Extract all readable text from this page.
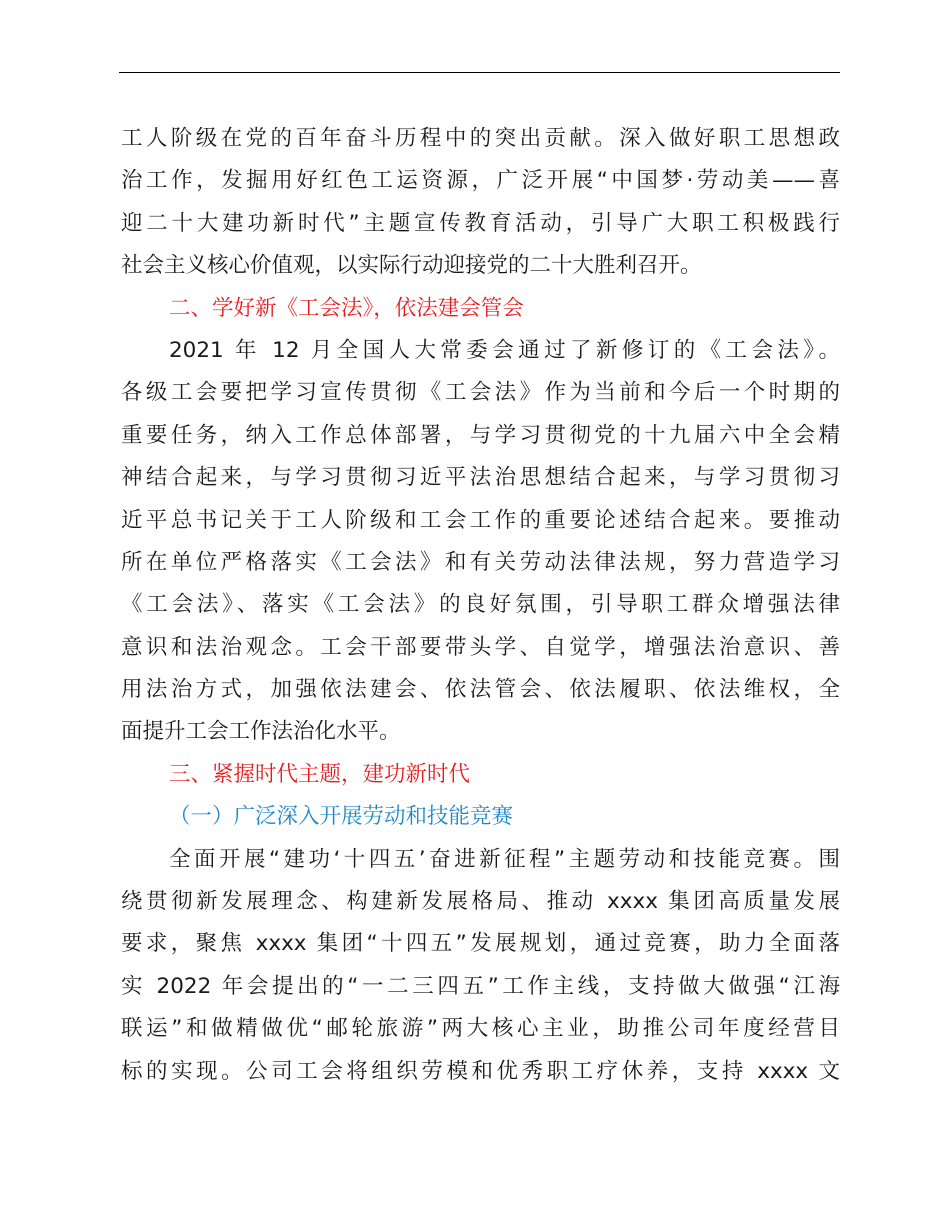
工人阶级在党的百年奋斗历程中的突出贡献。深入做好职工思想政
治工作，发掘用好红色工运资源，广泛开展“中国梦·劳动美——喜
迎二十大建功新时代”主题宣传教育活动，引导广大职工积极践行
社会主义核心价值观，以实际行动迎接党的二十大胜利召开。
二、学好新《工会法》，依法建会管会
2021 年 12 月全国人大常委会通过了新修订的《工会法》。
各级工会要把学习宣传贯彻《工会法》作为当前和今后一个时期的
重要任务，纳入工作总体部署，与学习贯彻党的十九届六中全会精
神结合起来，与学习贯彻习近平法治思想结合起来，与学习贯彻习
近平总书记关于工人阶级和工会工作的重要论述结合起来。要推动
所在单位严格落实《工会法》和有关劳动法律法规，努力营造学习
《工会法》、落实《工会法》的良好氛围，引导职工群众增强法律
意识和法治观念。工会干部要带头学、自觉学，增强法治意识、善
用法治方式，加强依法建会、依法管会、依法履职、依法维权，全
面提升工会工作法治化水平。
三、紧握时代主题，建功新时代
（一）广泛深入开展劳动和技能竞赛
全面开展“建功‘十四五’奋进新征程”主题劳动和技能竞赛。围
绕贯彻新发展理念、构建新发展格局、推动 xxxx 集团高质量发展
要求，聚焦 xxxx 集团“十四五”发展规划，通过竞赛，助力全面落
实 2022 年会提出的“一二三四五”工作主线，支持做大做强“江海
联运”和做精做优“邮轮旅游”两大核心主业，助推公司年度经营目
标的实现。公司工会将组织劳模和优秀职工疗休养，支持 xxxx 文
